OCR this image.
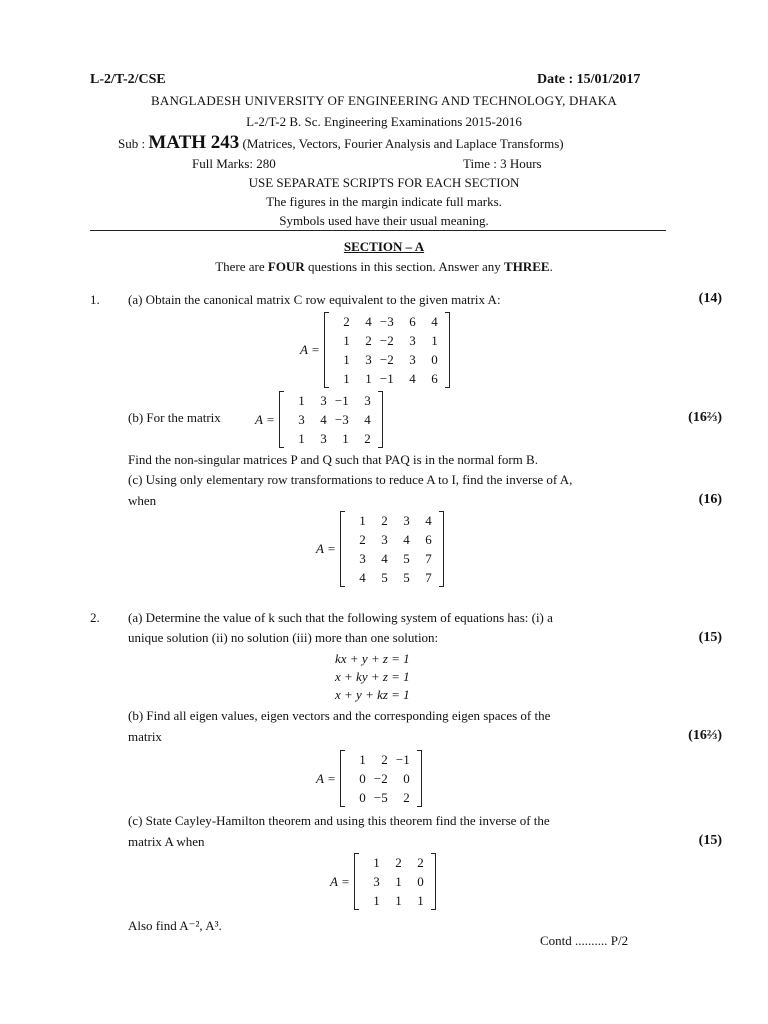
L-2/T-2/CSE	Date : 15/01/2017
BANGLADESH UNIVERSITY OF ENGINEERING AND TECHNOLOGY, DHAKA
L-2/T-2 B. Sc. Engineering Examinations 2015-2016
Sub : MATH 243 (Matrices, Vectors, Fourier Analysis and Laplace Transforms)
Full Marks: 280	Time : 3 Hours
USE SEPARATE SCRIPTS FOR EACH SECTION
The figures in the margin indicate full marks.
Symbols used have their usual meaning.
SECTION – A
There are FOUR questions in this section. Answer any THREE.
1. (a) Obtain the canonical matrix C row equivalent to the given matrix A:	(14)
A =
2	4 −3	6	4
1	2 −2	3	1
1	3 −2	3	0
1	1 −1	4	6
(b) For the matrix	A =
1	3 −1	3
3	4 −3	4
1	3	1	2
(16⅔)
Find the non-singular matrices P and Q such that PAQ is in the normal form B.
(c) Using only elementary row transformations to reduce A to I, find the inverse of A,
when	(16)
A =
1	2	3	4
2	3	4	6
3	4	5	7
4	5	5	7
2. (a) Determine the value of k such that the following system of equations has: (i) a
unique solution (ii) no solution (iii) more than one solution:	(15)
kx + y + z = 1
x + ky + z = 1
x + y + kz = 1
(b) Find all eigen values, eigen vectors and the corresponding eigen spaces of the
matrix	(16⅔)
A =
1	2 −1
0 −2	0
0 −5	2
(c) State Cayley-Hamilton theorem and using this theorem find the inverse of the
matrix A when	(15)
A =
1	2	2
3	1	0
1	1	1
Also find A⁻², A³.
Contd .......... P/2
